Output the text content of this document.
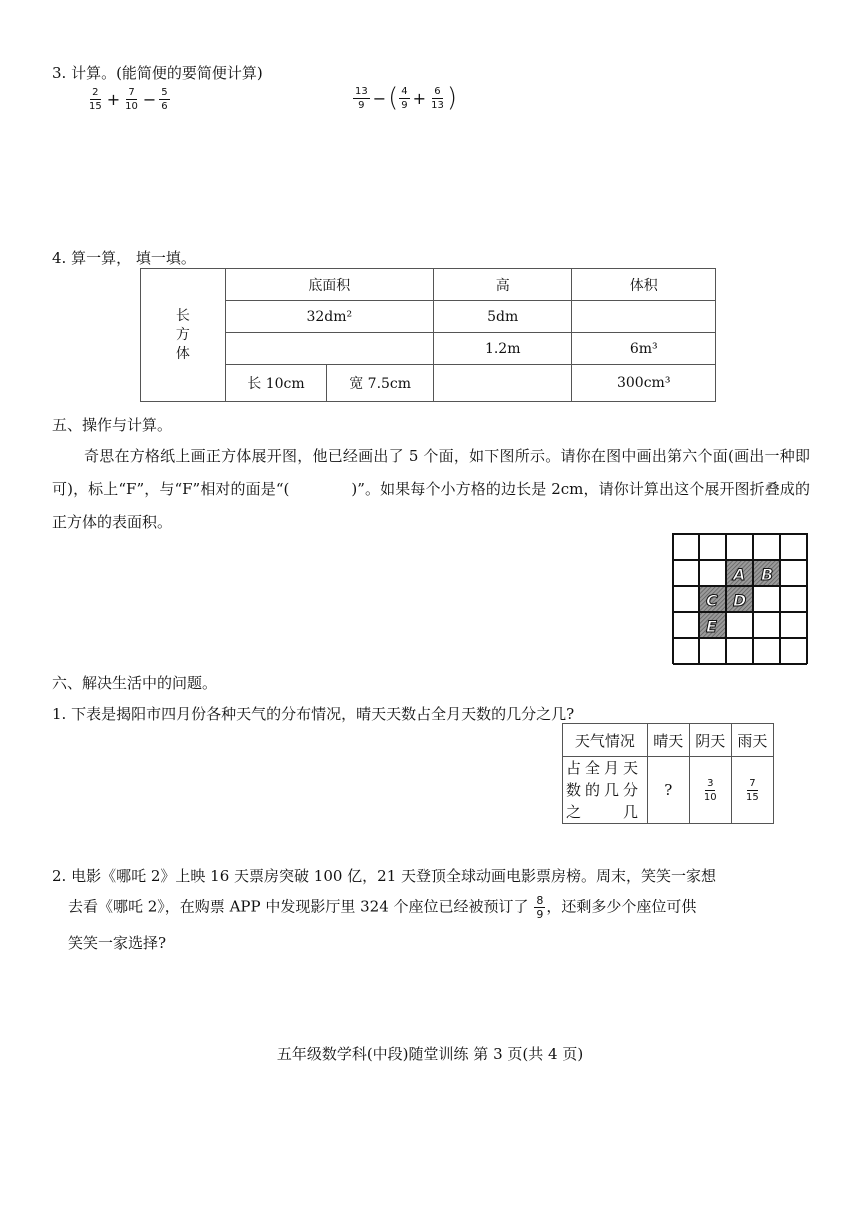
3. 计算。(能简便的要简便计算)
$\frac{2}{15} + \frac{7}{10} - \frac{5}{6}$	$\frac{13}{9}$ −( $\frac{4}{9} + \frac{6}{13}$ )
4. 算一算， 填一填。
长方体	底面积		高	体积
	32dm²		5dm	
			1.2m	6m³
	长 10cm	宽 7.5cm		300cm³
五、操作与计算。
奇思在方格纸上画正方体展开图，他已经画出了 5 个面，如下图所示。请你在图中画出第六个面(画出一种即可)，标上“F”，与“F”相对的面是“(	)”。如果每个小方格的边长是 2cm，请你计算出这个展开图折叠成的正方体的表面积。
A B
C D
E
六、解决生活中的问题。
1. 下表是揭阳市四月份各种天气的分布情况，晴天天数占全月天数的几分之几?
天气情况	晴天	阴天	雨天

占全月天数的几分之几	?	$\frac{3}{10}$	$\frac{7}{15}$
2. 电影《哪吒 2》上映 16 天票房突破 100 亿，21 天登顶全球动画电影票房榜。周末，笑笑一家想
去看《哪吒 2》，在购票 APP 中发现影厅里 324 个座位已经被预订了 $\frac{8}{9}$ ，还剩多少个座位可供
笑笑一家选择?
五年级数学科(中段)随堂训练 第 3 页(共 4 页)
